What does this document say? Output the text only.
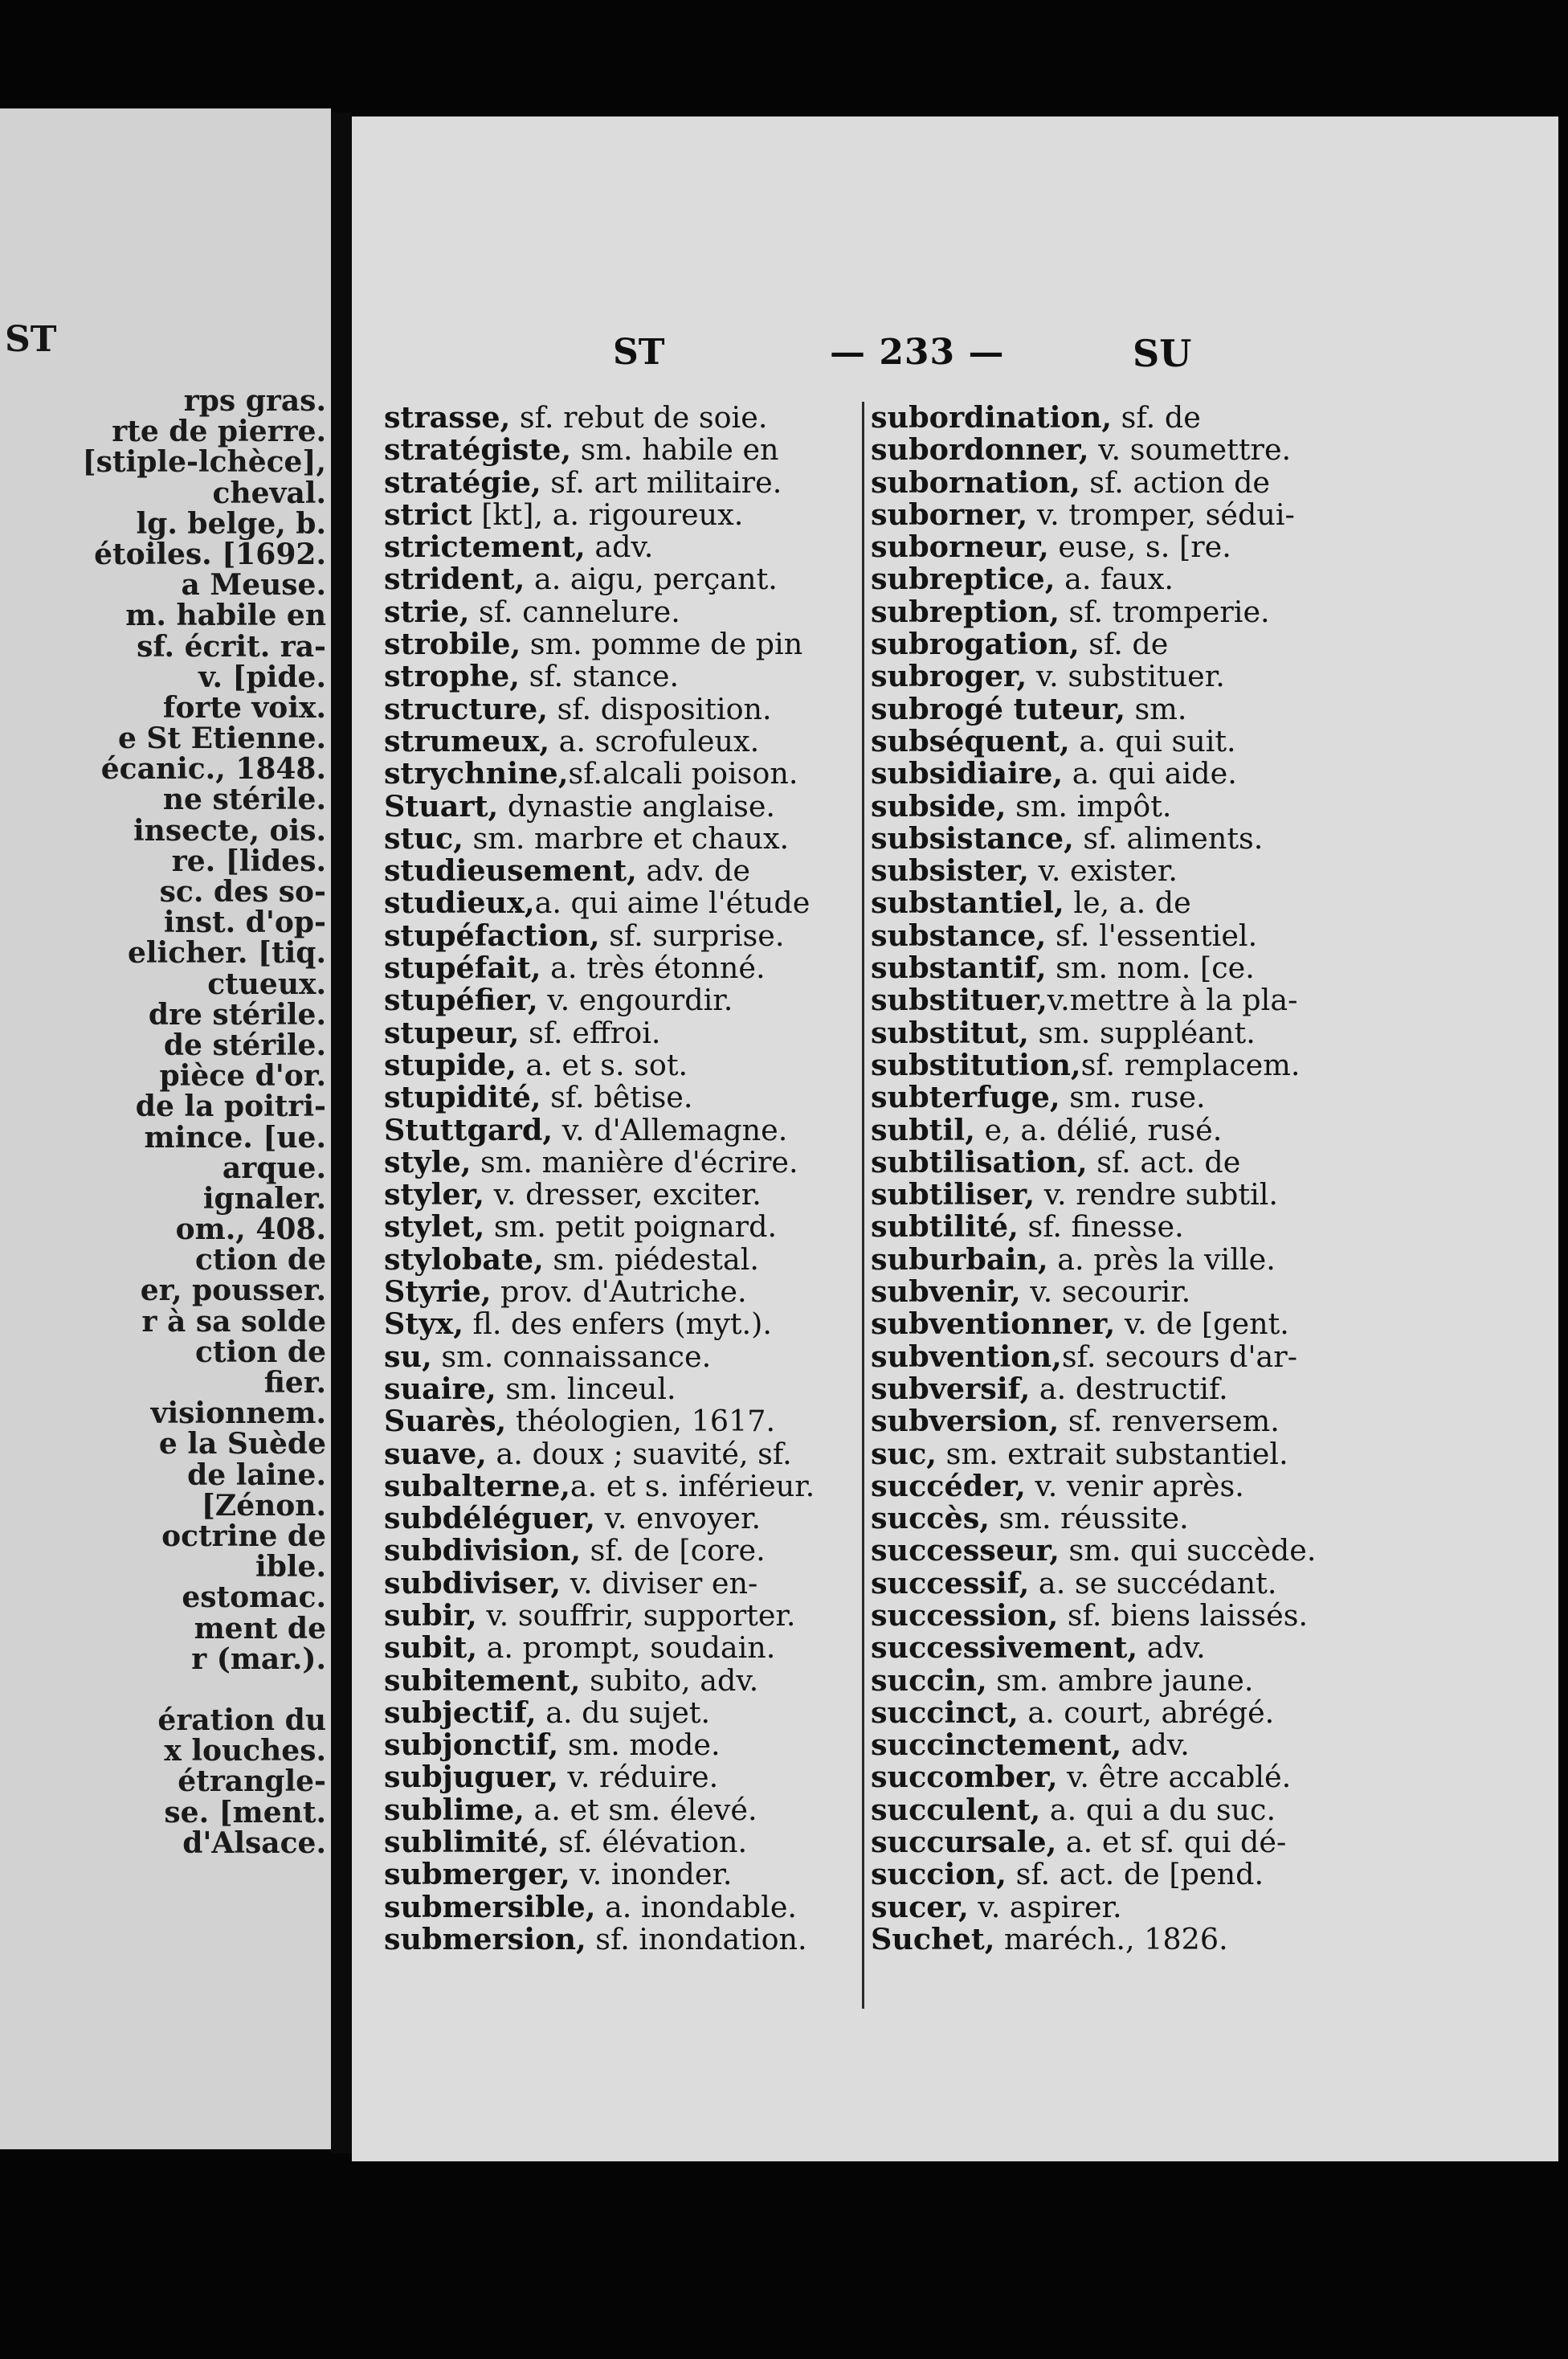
ST
rps gras.
rte de pierre.
[stiple-lchèce],
cheval.
lg. belge, b.
étoiles. [1692.
a Meuse.
m. habile en
sf. écrit. ra-
v. [pide.
forte voix.
e St Etienne.
écanic., 1848.
ne stérile.
insecte, ois.
re. [lides.
sc. des so-
inst. d'op-
elicher. [tiq.
ctueux.
dre stérile.
de stérile.
pièce d'or.
de la poitri-
mince. [ue.
arque.
ignaler.
om., 408.
ction de
er, pousser.
r à sa solde
ction de
fier.
visionnem.
e la Suède
de laine.
[Zénon.
octrine de
ible.
estomac.
ment de
r (mar.).
ération du
x louches.
étrangle-
se. [ment.
d'Alsace.
ST	— 233 —	SU
strasse, sf. rebut de soie.
stratégiste, sm. habile en
stratégie, sf. art militaire.
strict [kt], a. rigoureux.
strictement, adv.
strident, a. aigu, perçant.
strie, sf. cannelure.
strobile, sm. pomme de pin
strophe, sf. stance.
structure, sf. disposition.
strumeux, a. scrofuleux.
strychnine,sf.alcali poison.
Stuart, dynastie anglaise.
stuc, sm. marbre et chaux.
studieusement, adv. de
studieux,a. qui aime l'étude
stupéfaction, sf. surprise.
stupéfait, a. très étonné.
stupéfier, v. engourdir.
stupeur, sf. effroi.
stupide, a. et s. sot.
stupidité, sf. bêtise.
Stuttgard, v. d'Allemagne.
style, sm. manière d'écrire.
styler, v. dresser, exciter.
stylet, sm. petit poignard.
stylobate, sm. piédestal.
Styrie, prov. d'Autriche.
Styx, fl. des enfers (myt.).
su, sm. connaissance.
suaire, sm. linceul.
Suarès, théologien, 1617.
suave, a. doux ; suavité, sf.
subalterne,a. et s. inférieur.
subdéléguer, v. envoyer.
subdivision, sf. de [core.
subdiviser, v. diviser en-
subir, v. souffrir, supporter.
subit, a. prompt, soudain.
subitement, subito, adv.
subjectif, a. du sujet.
subjonctif, sm. mode.
subjuguer, v. réduire.
sublime, a. et sm. élevé.
sublimité, sf. élévation.
submerger, v. inonder.
submersible, a. inondable.
submersion, sf. inondation.
subordination, sf. de
subordonner, v. soumettre.
subornation, sf. action de
suborner, v. tromper, sédui-
suborneur, euse, s. [re.
subreptice, a. faux.
subreption, sf. tromperie.
subrogation, sf. de
subroger, v. substituer.
subrogé tuteur, sm.
subséquent, a. qui suit.
subsidiaire, a. qui aide.
subside, sm. impôt.
subsistance, sf. aliments.
subsister, v. exister.
substantiel, le, a. de
substance, sf. l'essentiel.
substantif, sm. nom. [ce.
substituer,v.mettre à la pla-
substitut, sm. suppléant.
substitution,sf. remplacem.
subterfuge, sm. ruse.
subtil, e, a. délié, rusé.
subtilisation, sf. act. de
subtiliser, v. rendre subtil.
subtilité, sf. finesse.
suburbain, a. près la ville.
subvenir, v. secourir.
subventionner, v. de [gent.
subvention,sf. secours d'ar-
subversif, a. destructif.
subversion, sf. renversem.
suc, sm. extrait substantiel.
succéder, v. venir après.
succès, sm. réussite.
successeur, sm. qui succède.
successif, a. se succédant.
succession, sf. biens laissés.
successivement, adv.
succin, sm. ambre jaune.
succinct, a. court, abrégé.
succinctement, adv.
succomber, v. être accablé.
succulent, a. qui a du suc.
succursale, a. et sf. qui dé-
succion, sf. act. de [pend.
sucer, v. aspirer.
Suchet, maréch., 1826.
